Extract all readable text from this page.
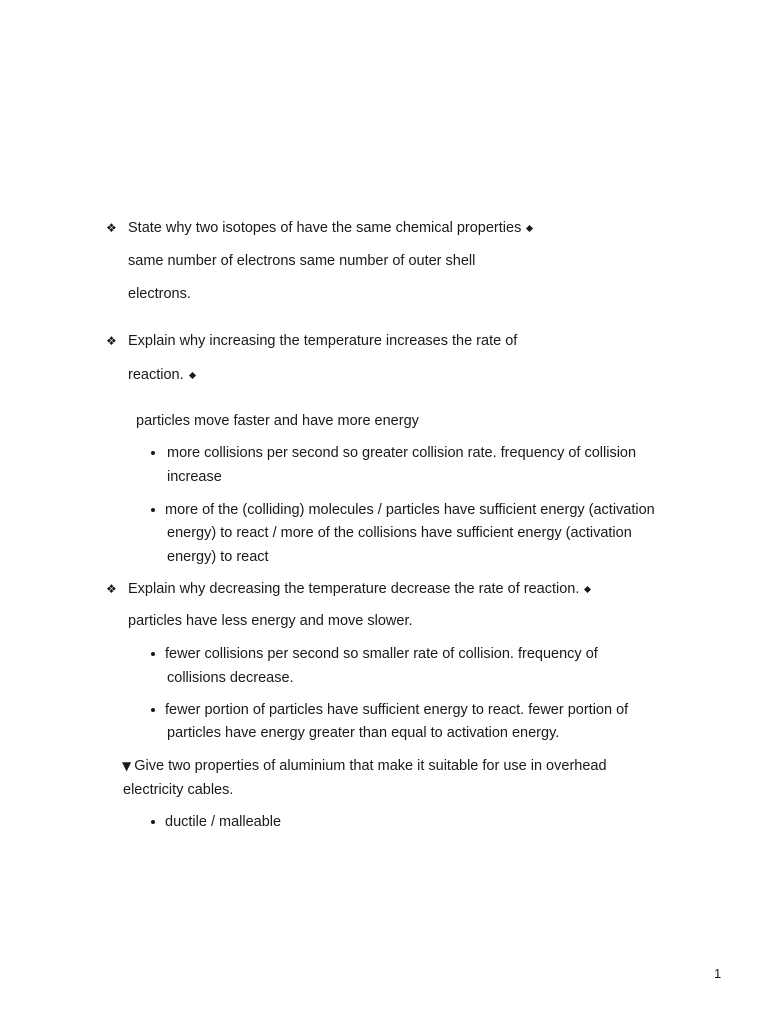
❖ State why two isotopes of have the same chemical properties
same number of electrons same number of outer shell
electrons.
❖ Explain why increasing the temperature increases the rate of
reaction.
particles move faster and have more energy
more collisions per second so greater collision rate. frequency of collision
increase
more of the (colliding) molecules / particles have sufficient energy (activation
energy) to react / more of the collisions have sufficient energy (activation
energy) to react
❖ Explain why decreasing the temperature decrease the rate of reaction.
particles have less energy and move slower.
fewer collisions per second so smaller rate of collision. frequency of
collisions decrease.
fewer portion of particles have sufficient energy to react. fewer portion of
particles have energy greater than equal to activation energy.
▼ Give two properties of aluminium that make it suitable for use in overhead
electricity cables.
ductile / malleable
1
